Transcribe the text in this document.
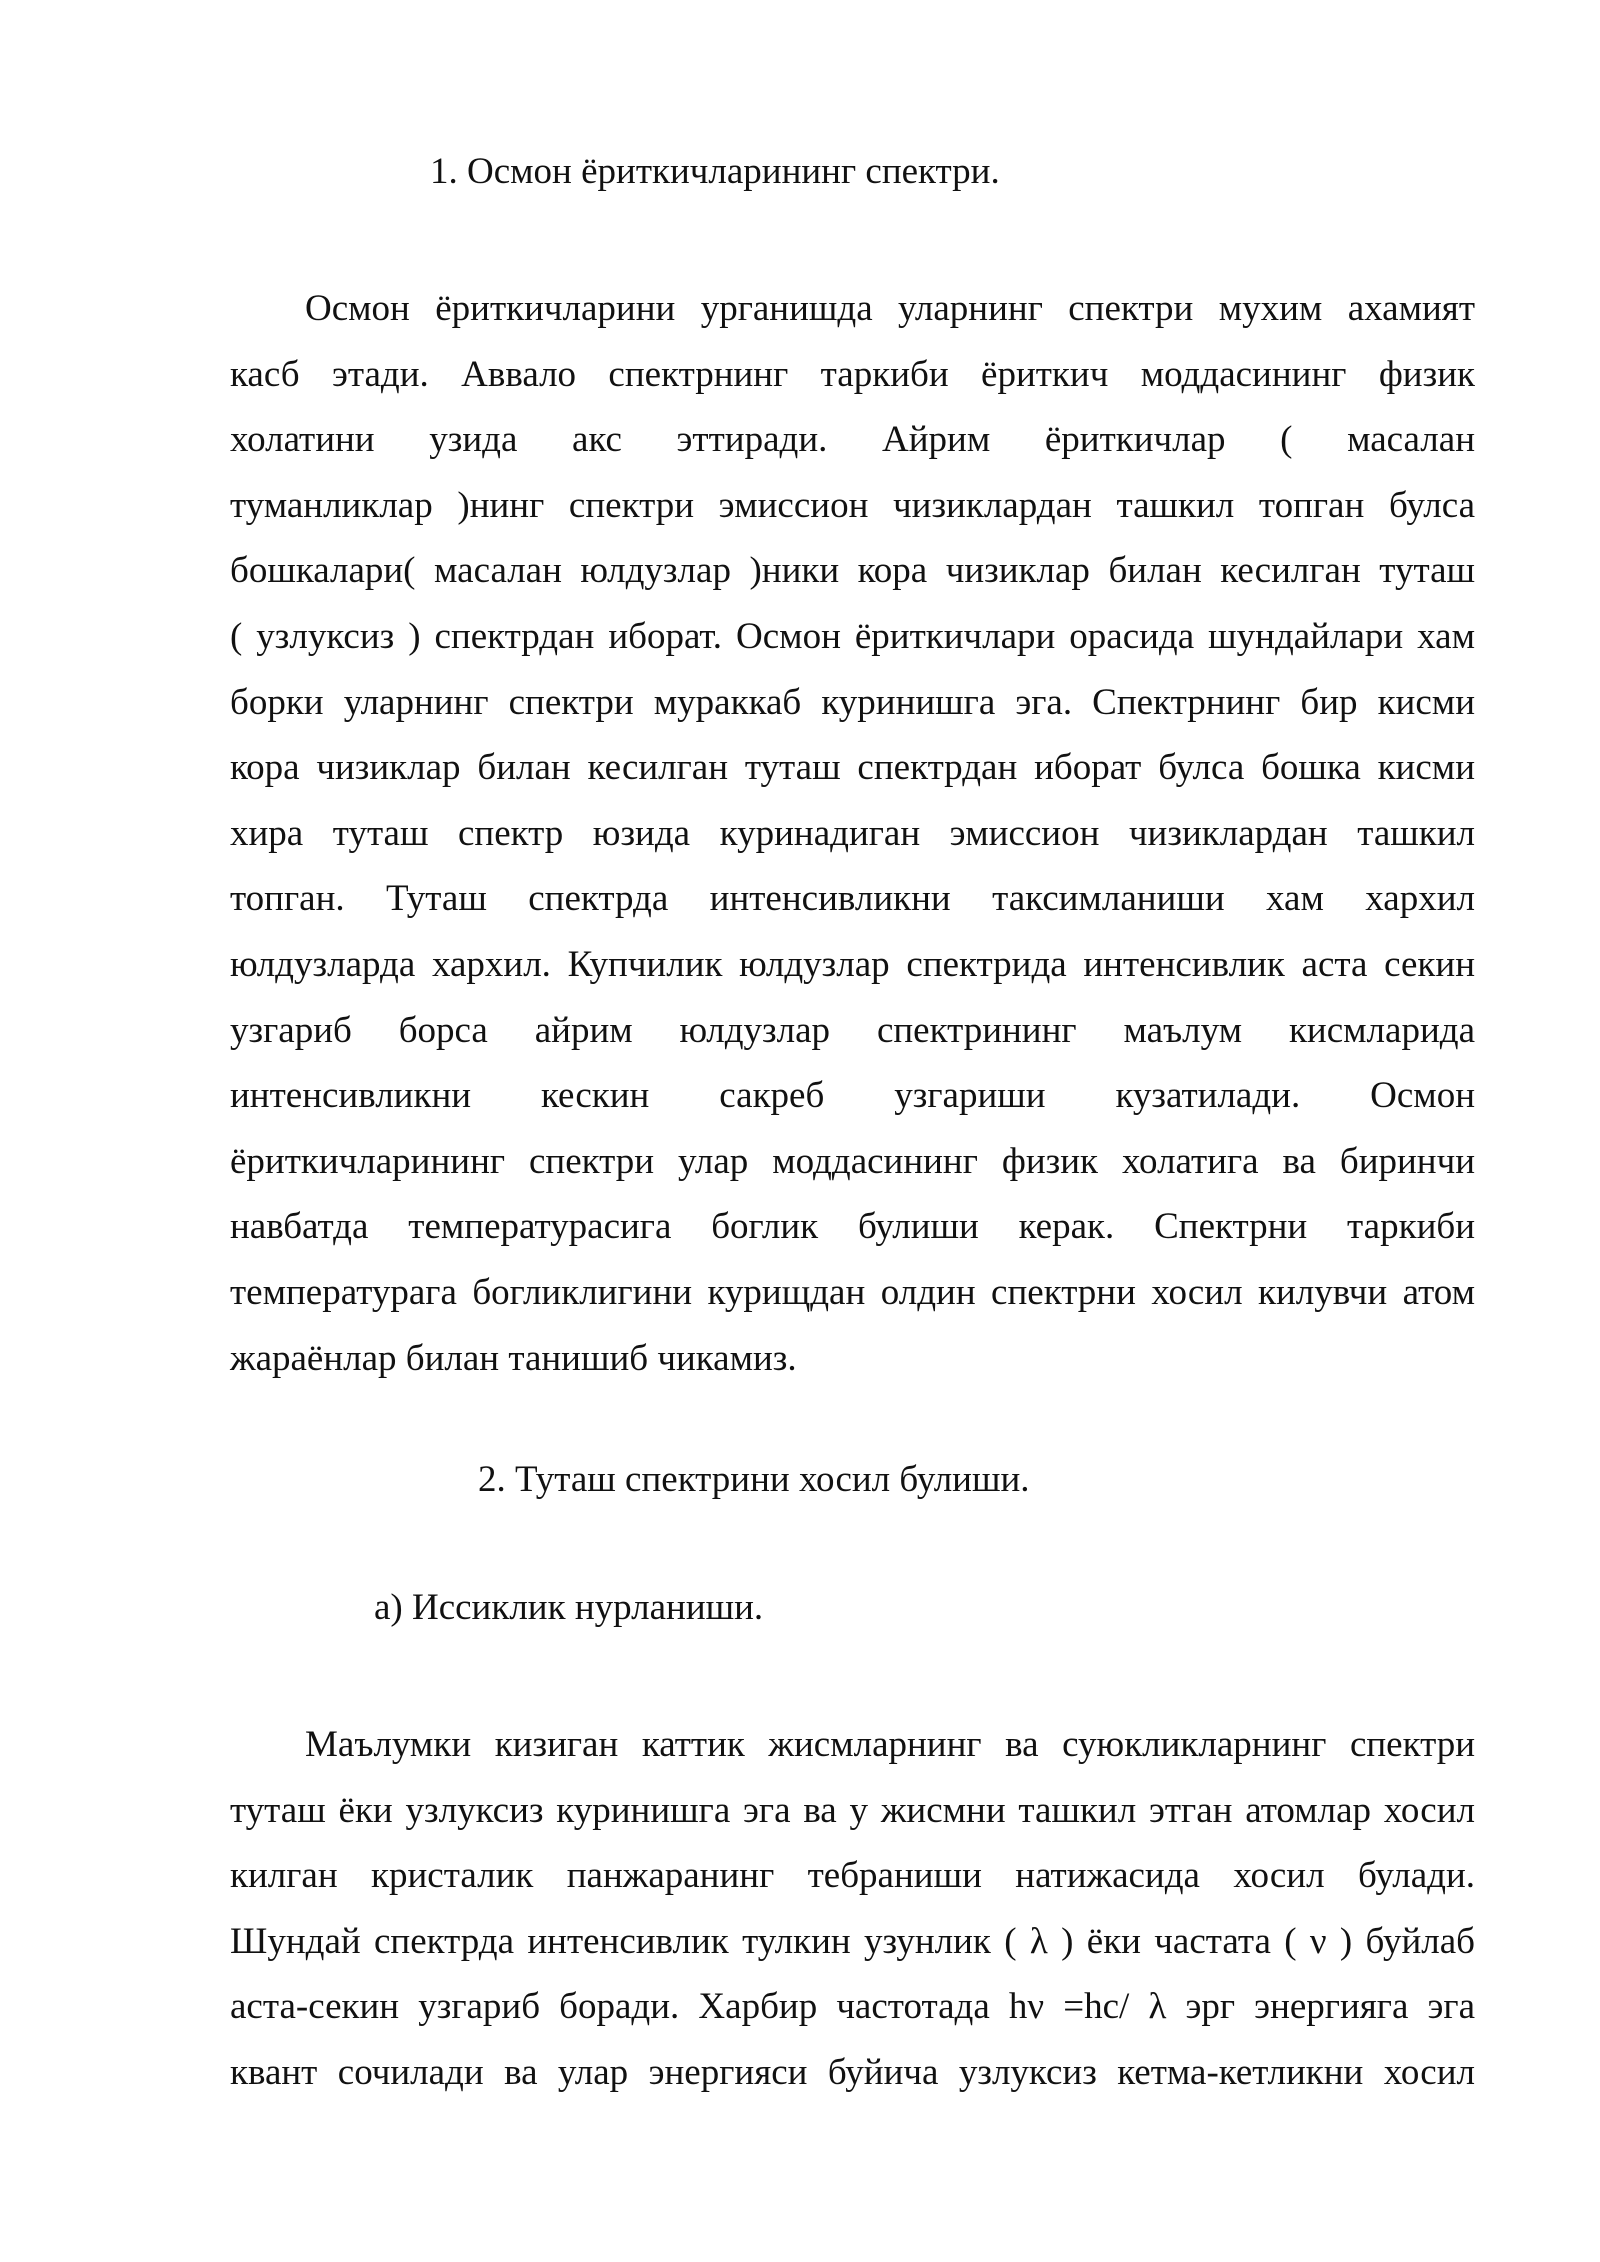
1. Осмон ёриткичларининг спектри.
Осмон ёриткичларини урганишда уларнинг спектри мухим ахамият
касб этади. Аввало спектрнинг таркиби ёриткич моддасининг физик
холатини узида акс эттиради. Айрим ёриткичлар ( масалан
туманликлар )нинг спектри эмиссион чизиклардан ташкил топган булса
бошкалари( масалан юлдузлар )ники кора чизиклар билан кесилган туташ
( узлуксиз ) спектрдан иборат. Осмон ёриткичлари орасида шундайлари хам
борки уларнинг спектри мураккаб куринишга эга. Спектрнинг бир кисми
кора чизиклар билан кесилган туташ спектрдан иборат булса бошка кисми
хира туташ спектр юзида куринадиган эмиссион чизиклардан ташкил
топган. Туташ спектрда интенсивликни таксимланиши хам хархил
юлдузларда хархил. Купчилик юлдузлар спектрида интенсивлик аста секин
узгариб борса айрим юлдузлар спектрининг маълум кисмларида
интенсивликни кескин сакреб узгариши кузатилади. Осмон
ёриткичларининг спектри улар моддасининг физик холатига ва биринчи
навбатда температурасига боглик булиши керак. Спектрни таркиби
температурага богликлигини курищдан олдин спектрни хосил килувчи атом
жараёнлар билан танишиб чикамиз.
2. Туташ спектрини хосил булиши.
а) Иссиклик нурланиши.
Маълумки кизиган каттик жисмларнинг ва суюкликларнинг спектри
туташ ёки узлуксиз куринишга эга ва у жисмни ташкил этган атомлар хосил
килган кристалик панжаранинг тебраниши натижасида хосил булади.
Шундай спектрда интенсивлик тулкин узунлик ( λ ) ёки частата ( ν ) буйлаб
аста-секин узгариб боради. Харбир частотада hν =hc/ λ эрг энергияга эга
квант сочилади ва улар энергияси буйича узлуксиз кетма-кетликни хосил
